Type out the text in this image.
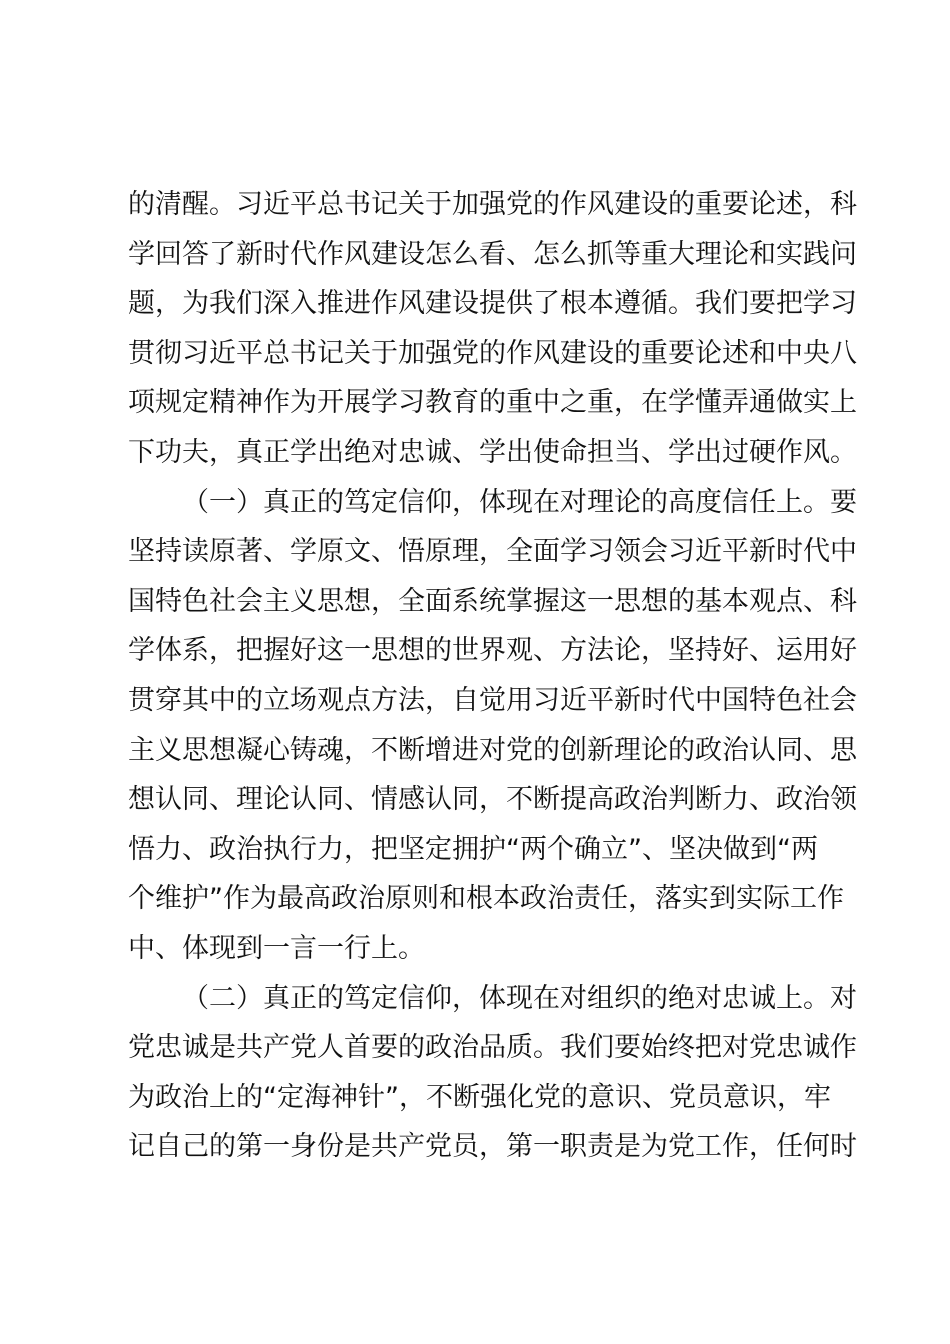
的清醒。习近平总书记关于加强党的作风建设的重要论述，科
学回答了新时代作风建设怎么看、怎么抓等重大理论和实践问
题，为我们深入推进作风建设提供了根本遵循。我们要把学习
贯彻习近平总书记关于加强党的作风建设的重要论述和中央八
项规定精神作为开展学习教育的重中之重，在学懂弄通做实上
下功夫，真正学出绝对忠诚、学出使命担当、学出过硬作风。
（一）真正的笃定信仰，体现在对理论的高度信任上。要
坚持读原著、学原文、悟原理，全面学习领会习近平新时代中
国特色社会主义思想，全面系统掌握这一思想的基本观点、科
学体系，把握好这一思想的世界观、方法论，坚持好、运用好
贯穿其中的立场观点方法，自觉用习近平新时代中国特色社会
主义思想凝心铸魂，不断增进对党的创新理论的政治认同、思
想认同、理论认同、情感认同，不断提高政治判断力、政治领
悟力、政治执行力，把坚定拥护“两个确立”、坚决做到“两
个维护”作为最高政治原则和根本政治责任，落实到实际工作
中、体现到一言一行上。
（二）真正的笃定信仰，体现在对组织的绝对忠诚上。对
党忠诚是共产党人首要的政治品质。我们要始终把对党忠诚作
为政治上的“定海神针”，不断强化党的意识、党员意识，牢
记自己的第一身份是共产党员，第一职责是为党工作，任何时
